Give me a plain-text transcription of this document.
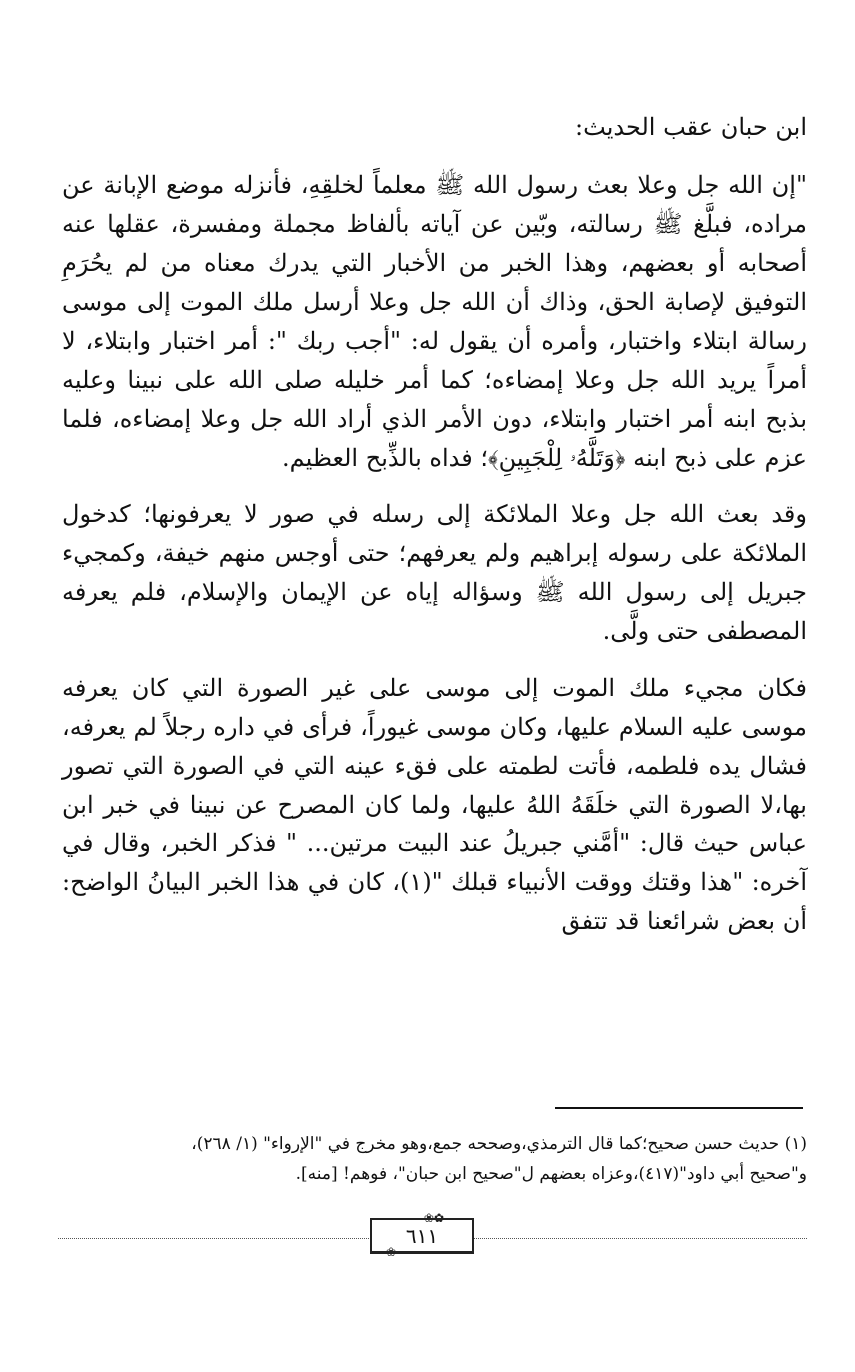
ابن حبان عقب الحديث:

"إن الله جل وعلا بعث رسول الله ﷺ معلماً لخلقِهِ، فأنزله موضع الإبانة عن مراده، فبلَّغ ﷺ رسالته، وبّين عن آياته بألفاظ مجملة ومفسرة، عقلها عنه أصحابه أو بعضهم، وهذا الخبر من الأخبار التي يدرك معناه من لم يحُرَمِ التوفيق لإصابة الحق، وذاك أن الله جل وعلا أرسل ملك الموت إلى موسى رسالة ابتلاء واختبار، وأمره أن يقول له: "أجب ربك ": أمر اختبار وابتلاء، لا أمراً يريد الله جل وعلا إمضاءه؛ كما أمر خليله صلى الله على نبينا وعليه بذبح ابنه أمر اختبار وابتلاء، دون الأمر الذي أراد الله جل وعلا إمضاءه، فلما عزم على ذبح ابنه ﴿وَتَلَّهُۥ لِلْجَبِينِ﴾؛ فداه بالذِّبح العظيم.

وقد بعث الله جل وعلا الملائكة إلى رسله في صور لا يعرفونها؛ كدخول الملائكة على رسوله إبراهيم ولم يعرفهم؛ حتى أوجس منهم خيفة، وكمجيء جبريل إلى رسول الله ﷺ وسؤاله إياه عن الإيمان والإسلام، فلم يعرفه المصطفى حتى ولَّى.

فكان مجيء ملك الموت إلى موسى على غير الصورة التي كان يعرفه موسى عليه السلام عليها، وكان موسى غيوراً، فرأى في داره رجلاً لم يعرفه، فشال يده فلطمه، فأتت لطمته على فقء عينه التي في الصورة التي تصور بها،لا الصورة التي خلَقَهُ اللهُ عليها، ولما كان المصرح عن نبينا في خبر ابن عباس حيث قال: "أمَّني جبريلُ عند البيت مرتين... " فذكر الخبر، وقال في آخره: "هذا وقتك ووقت الأنبياء قبلك "(١)، كان في هذا الخبر البيانُ الواضح: أن بعض شرائعنا قد تتفق

(١) حديث حسن صحيح؛كما قال الترمذي،وصححه جمع،وهو مخرج في "الإرواء" (١/ ٢٦٨)،

و"صحيح أبي داود"(٤١٧)،وعزاه بعضهم ل"صحيح ابن حبان"، فوهم! [منه].

✿❀
٦١١
❀
